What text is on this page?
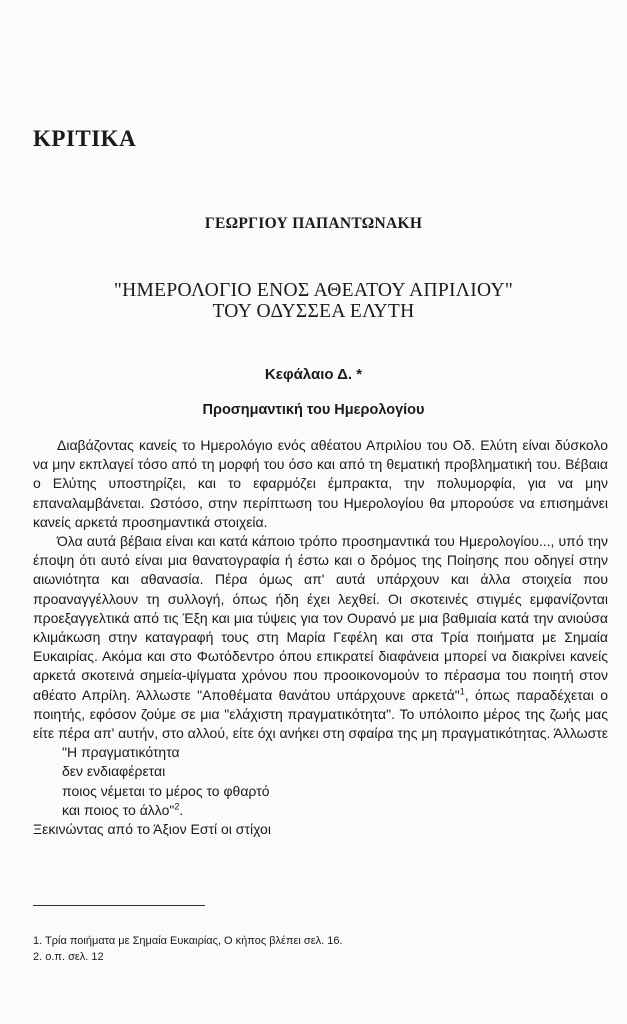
ΚΡΙΤΙΚΑ
ΓΕΩΡΓΙΟΥ ΠΑΠΑΝΤΩΝΑΚΗ
"ΗΜΕΡΟΛΟΓΙΟ ΕΝΟΣ ΑΘΕΑΤΟΥ ΑΠΡΙΛΙΟΥ"
ΤΟΥ ΟΔΥΣΣΕΑ ΕΛΥΤΗ
Κεφάλαιο Δ. *
Προσημαντική του Ημερολογίου

Διαβάζοντας κανείς το Ημερολόγιο ενός αθέατου Απριλίου του Οδ. Ελύτη είναι δύσκολο να μην εκπλαγεί τόσο από τη μορφή του όσο και από τη θεματική προβληματική του. Βέβαια ο Ελύτης υποστηρίζει, και το εφαρμόζει έμπρακτα, την πολυμορφία, για να μην επαναλαμβάνεται. Ωστόσο, στην περίπτωση του Ημερολογίου θα μπορούσε να επισημάνει κανείς αρκετά προσημαντικά στοιχεία.

Όλα αυτά βέβαια είναι και κατά κάποιο τρόπο προσημαντικά του Ημερολογίου..., υπό την έποψη ότι αυτό είναι μια θανατογραφία ή έστω και ο δρόμος της Ποίησης που οδηγεί στην αιωνιότητα και αθανασία. Πέρα όμως απ' αυτά υπάρχουν και άλλα στοιχεία που προαναγγέλλουν τη συλλογή, όπως ήδη έχει λεχθεί. Οι σκοτεινές στιγμές εμφανίζονται προεξαγγελτικά από τις Έξη και μια τύψεις για τον Ουρανό με μια βαθμιαία κατά την ανιούσα κλιμάκωση στην καταγραφή τους στη Μαρία Γεφέλη και στα Τρία ποιήματα με Σημαία Ευκαιρίας. Ακόμα και στο Φωτόδεντρο όπου επικρατεί διαφάνεια μπορεί να διακρίνει κανείς αρκετά σκοτεινά σημεία-ψίγματα χρόνου που προοικονομούν το πέρασμα του ποιητή στον αθέατο Απρίλη. Άλλωστε "Αποθέματα θανάτου υπάρχουνε αρκετά"$^1$, όπως παραδέχεται ο ποιητής, εφόσον ζούμε σε μια "ελάχιστη πραγματικότητα". Το υπόλοιπο μέρος της ζωής μας είτε πέρα απ' αυτήν, στο αλλού, είτε όχι ανήκει στη σφαίρα της μη πραγματικότητας. Άλλωστε

"Η πραγματικότητα
δεν ενδιαφέρεται
ποιος νέμεται το μέρος το φθαρτό
και ποιος το άλλο"$^2$.
Ξεκινώντας από το Άξιον Εστί οι στίχοι
1. Τρία ποιήματα με Σημαία Ευκαιρίας, Ο κήπος βλέπει σελ. 16.
2. ο.π. σελ. 12
